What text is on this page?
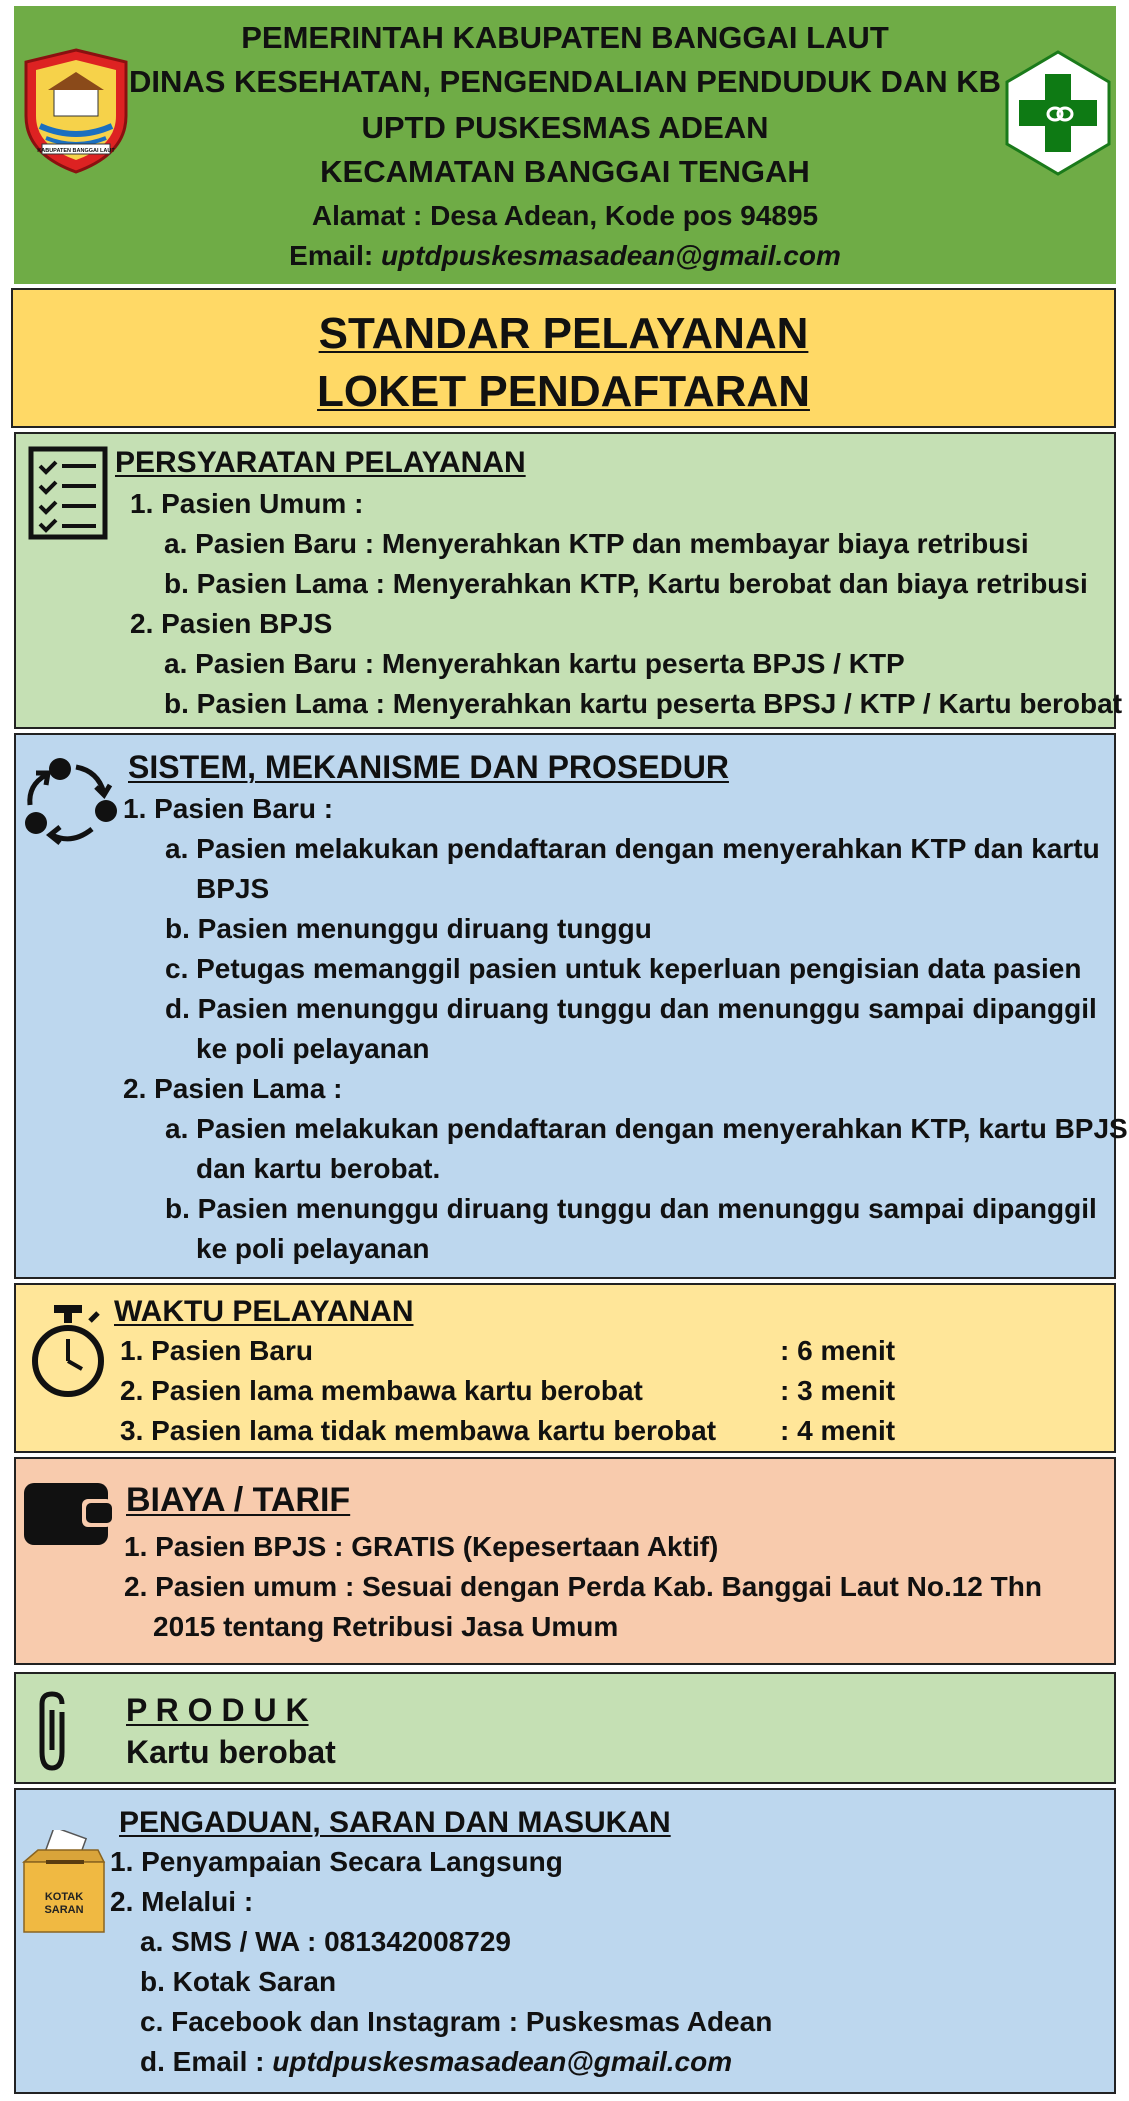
KABUPATEN BANGGAI LAUT
PEMERINTAH KABUPATEN BANGGAI LAUT
DINAS KESEHATAN, PENGENDALIAN PENDUDUK DAN KB
UPTD PUSKESMAS ADEAN
KECAMATAN BANGGAI TENGAH
Alamat : Desa Adean, Kode pos 94895
Email: uptdpuskesmasadean@gmail.com
STANDAR PELAYANAN
LOKET PENDAFTARAN
PERSYARATAN PELAYANAN
1. Pasien Umum :
a. Pasien Baru : Menyerahkan KTP dan membayar biaya retribusi
b. Pasien Lama : Menyerahkan KTP, Kartu berobat dan biaya retribusi
2. Pasien BPJS
a. Pasien Baru : Menyerahkan kartu peserta BPJS / KTP
b. Pasien Lama : Menyerahkan kartu peserta BPSJ / KTP / Kartu berobat
SISTEM, MEKANISME DAN PROSEDUR
1. Pasien Baru :
a. Pasien melakukan pendaftaran dengan menyerahkan KTP dan kartu
BPJS
b. Pasien menunggu diruang tunggu
c. Petugas memanggil pasien untuk keperluan pengisian data pasien
d. Pasien menunggu diruang tunggu dan menunggu sampai dipanggil
ke poli pelayanan
2. Pasien Lama :
a. Pasien melakukan pendaftaran dengan menyerahkan KTP, kartu BPJS
dan kartu berobat.
b. Pasien menunggu diruang tunggu dan menunggu sampai dipanggil
ke poli pelayanan
WAKTU PELAYANAN
1. Pasien Baru	: 6 menit
2. Pasien lama membawa kartu berobat	: 3 menit
3. Pasien lama tidak membawa kartu berobat : 4 menit
BIAYA / TARIF
1. Pasien BPJS : GRATIS (Kepesertaan Aktif)
2. Pasien umum : Sesuai dengan Perda Kab. Banggai Laut No.12 Thn
2015 tentang Retribusi Jasa Umum
P R O D U K
Kartu berobat
KOTAK
SARAN
PENGADUAN, SARAN DAN MASUKAN
1. Penyampaian Secara Langsung
2. Melalui :
a. SMS / WA : 081342008729
b. Kotak Saran
c. Facebook dan Instagram : Puskesmas Adean
d. Email : uptdpuskesmasadean@gmail.com
